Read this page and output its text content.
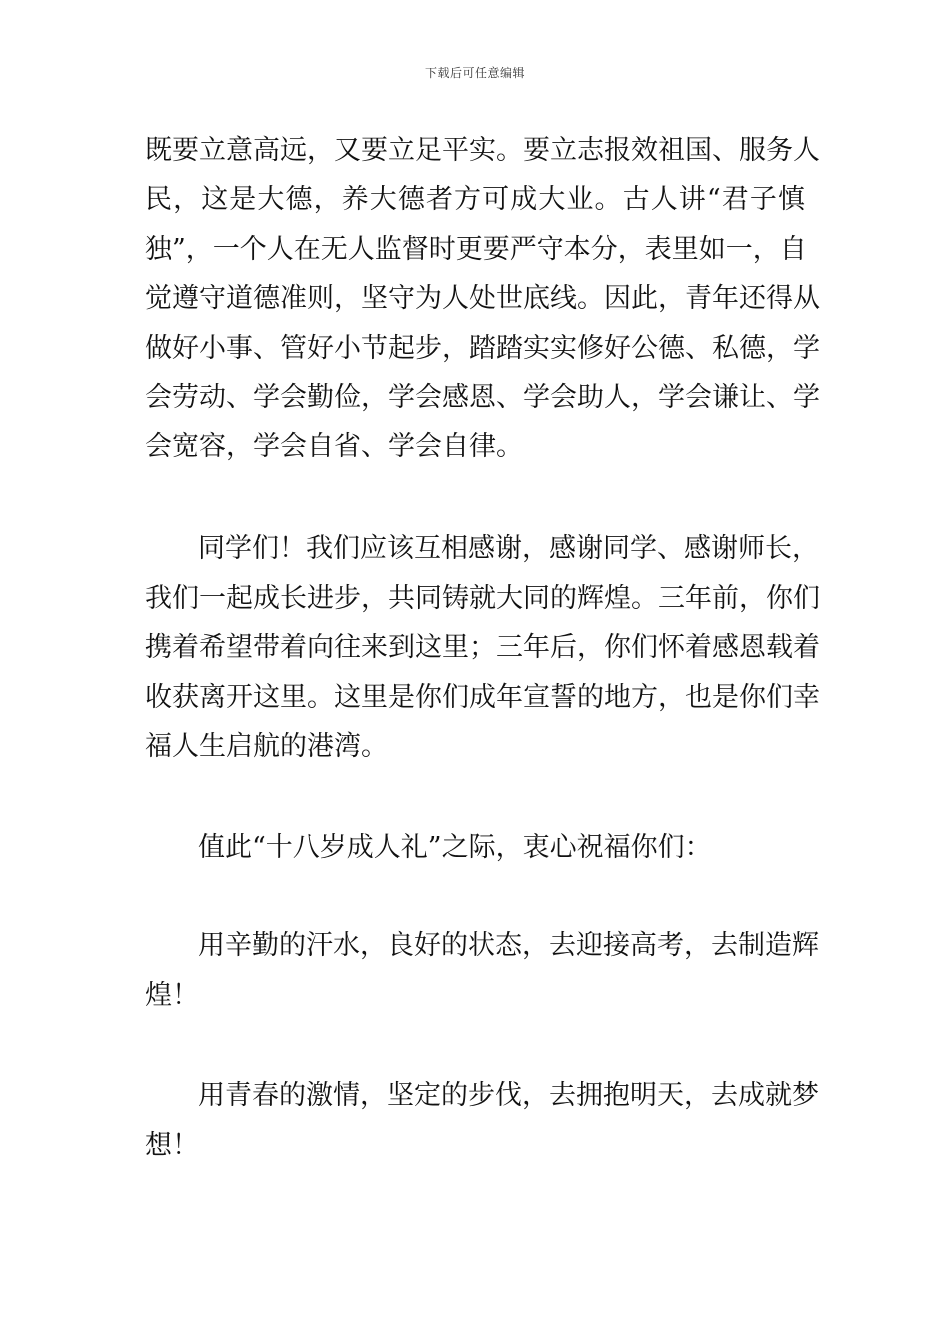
下载后可任意编辑
既要立意高远，又要立足平实。要立志报效祖国、服务人
民，这是大德，养大德者方可成大业。古人讲“君子慎
独”，一个人在无人监督时更要严守本分，表里如一，自
觉遵守道德准则，坚守为人处世底线。因此，青年还得从
做好小事、管好小节起步，踏踏实实修好公德、私德，学
会劳动、学会勤俭，学会感恩、学会助人，学会谦让、学
会宽容，学会自省、学会自律。
同学们！我们应该互相感谢，感谢同学、感谢师长，
我们一起成长进步，共同铸就大同的辉煌。三年前，你们
携着希望带着向往来到这里；三年后，你们怀着感恩载着
收获离开这里。这里是你们成年宣誓的地方，也是你们幸
福人生启航的港湾。
值此“十八岁成人礼”之际，衷心祝福你们：
用辛勤的汗水，良好的状态，去迎接高考，去制造辉
煌！
用青春的激情，坚定的步伐，去拥抱明天，去成就梦
想！
